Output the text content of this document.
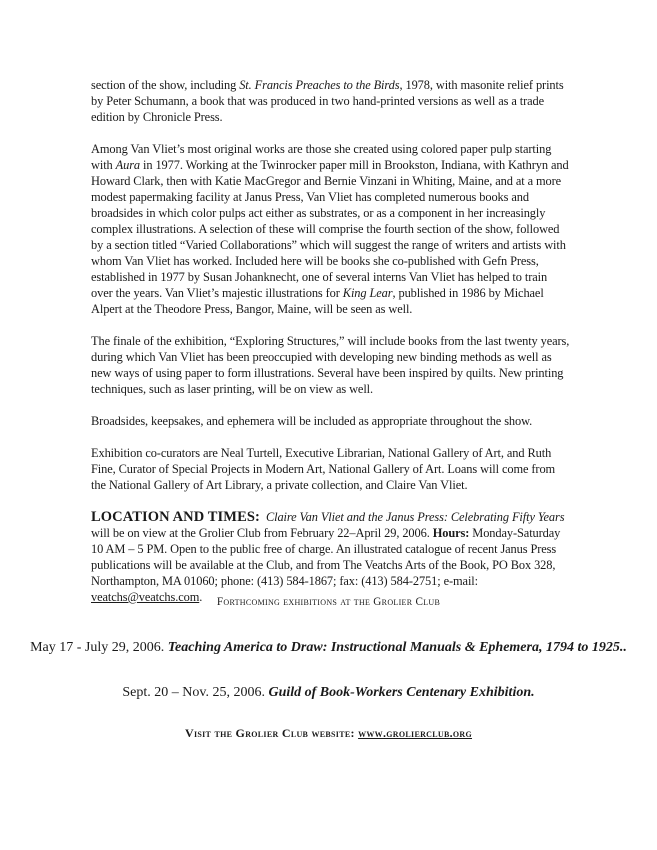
section of the show, including St. Francis Preaches to the Birds, 1978, with masonite relief prints by Peter Schumann, a book that was produced in two hand-printed versions as well as a trade edition by Chronicle Press.

Among Van Vliet’s most original works are those she created using colored paper pulp starting with Aura in 1977. Working at the Twinrocker paper mill in Brookston, Indiana, with Kathryn and Howard Clark, then with Katie MacGregor and Bernie Vinzani in Whiting, Maine, and at a more modest papermaking facility at Janus Press, Van Vliet has completed numerous books and broadsides in which color pulps act either as substrates, or as a component in her increasingly complex illustrations. A selection of these will comprise the fourth section of the show, followed by a section titled “Varied Collaborations” which will suggest the range of writers and artists with whom Van Vliet has worked. Included here will be books she co-published with Gefn Press, established in 1977 by Susan Johanknecht, one of several interns Van Vliet has helped to train over the years. Van Vliet’s majestic illustrations for King Lear, published in 1986 by Michael Alpert at the Theodore Press, Bangor, Maine, will be seen as well.

The finale of the exhibition, “Exploring Structures,” will include books from the last twenty years, during which Van Vliet has been preoccupied with developing new binding methods as well as new ways of using paper to form illustrations. Several have been inspired by quilts. New printing techniques, such as laser printing, will be on view as well.

Broadsides, keepsakes, and ephemera will be included as appropriate throughout the show.

Exhibition co-curators are Neal Turtell, Executive Librarian, National Gallery of Art, and Ruth Fine, Curator of Special Projects in Modern Art, National Gallery of Art. Loans will come from the National Gallery of Art Library, a private collection, and Claire Van Vliet.

LOCATION AND TIMES: Claire Van Vliet and the Janus Press: Celebrating Fifty Years will be on view at the Grolier Club from February 22–April 29, 2006. Hours: Monday-Saturday 10 AM – 5 PM. Open to the public free of charge. An illustrated catalogue of recent Janus Press publications will be available at the Club, and from The Veatchs Arts of the Book, PO Box 328, Northampton, MA 01060; phone: (413) 584-1867; fax: (413) 584-2751; e-mail: veatchs@veatchs.com.	Forthcoming exhibitions at the Grolier Club
May 17 - July 29, 2006. Teaching America to Draw: Instructional Manuals & Ephemera, 1794 to 1925..
Sept. 20 – Nov. 25, 2006. Guild of Book-Workers Centenary Exhibition.
Visit the Grolier Club website: www.grolierclub.org
